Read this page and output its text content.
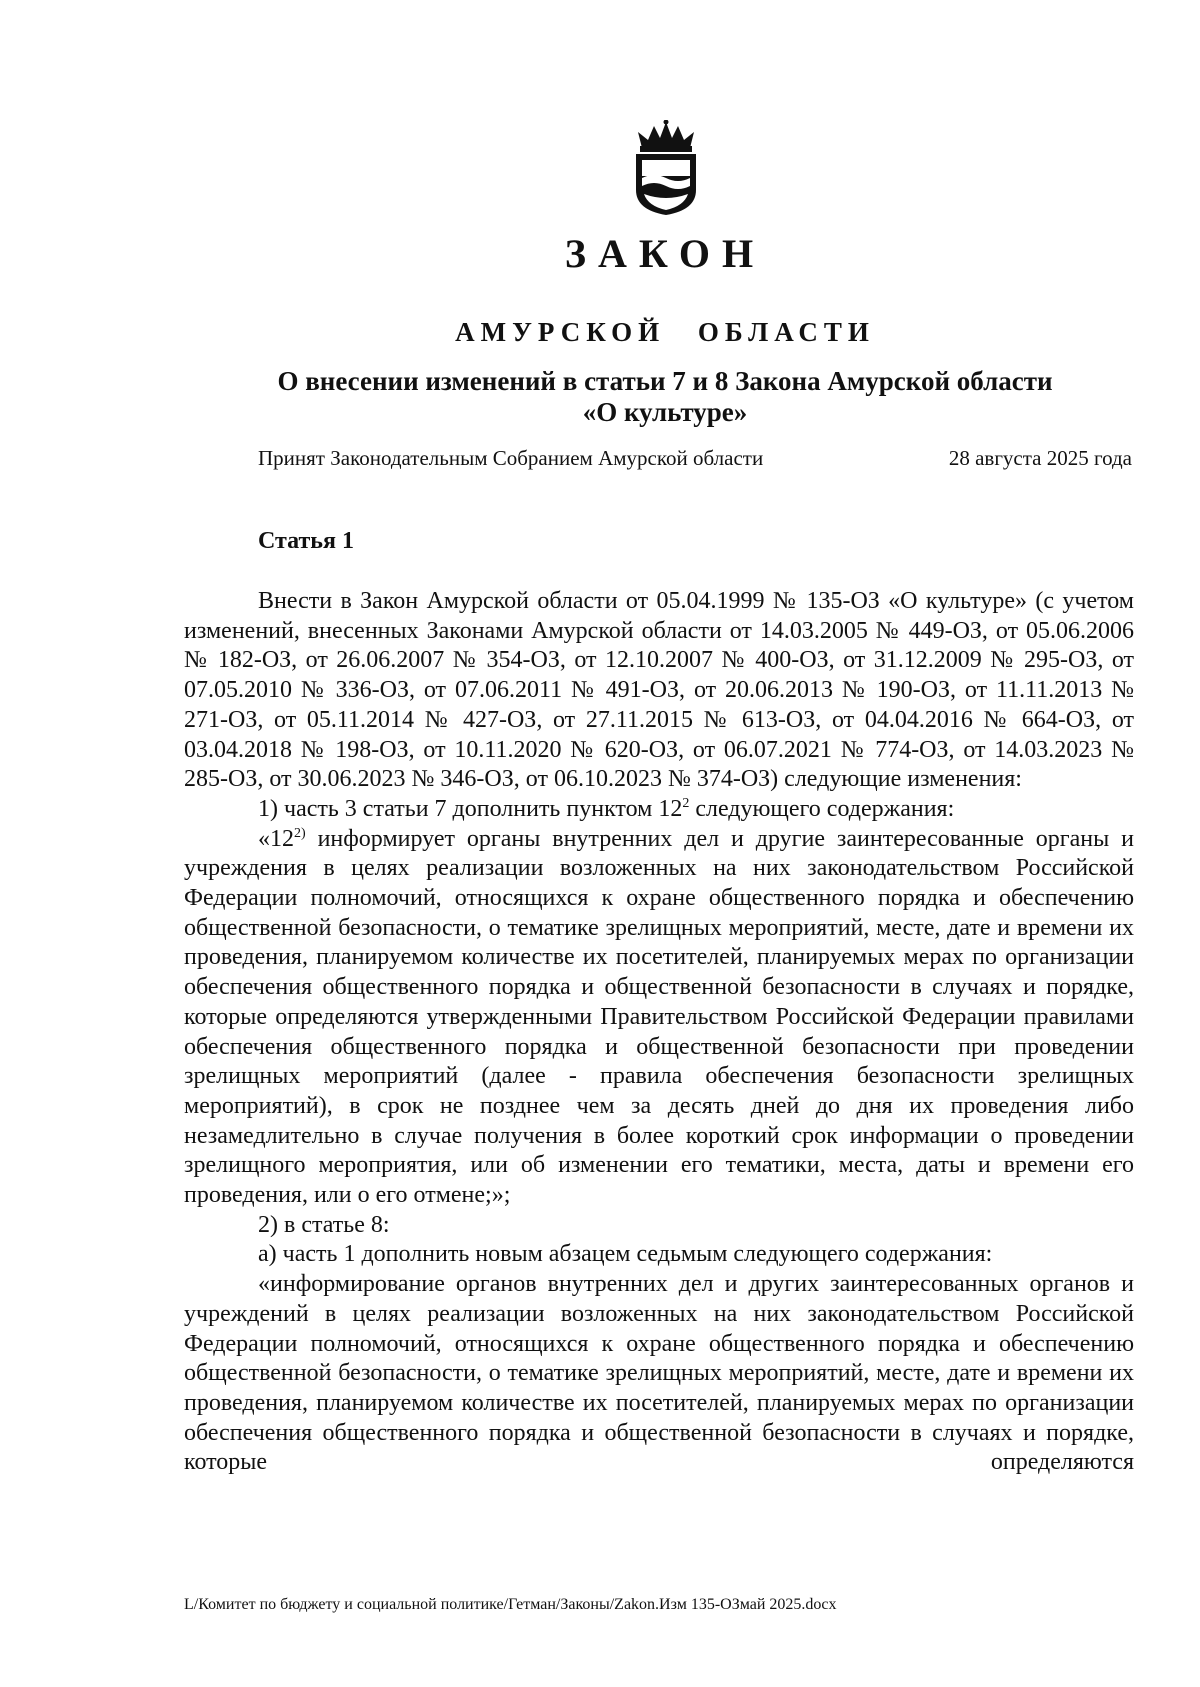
ЗАКОН
АМУРСКОЙ ОБЛАСТИ
О внесении изменений в статьи 7 и 8 Закона Амурской области
«О культуре»
Принят Законодательным Собранием Амурской области	28 августа 2025 года
Статья 1

Внести в Закон Амурской области от 05.04.1999 № 135-ОЗ «О культуре» (с учетом изменений, внесенных Законами Амурской области от 14.03.2005 № 449-ОЗ, от 05.06.2006 № 182-ОЗ, от 26.06.2007 № 354-ОЗ, от 12.10.2007 № 400-ОЗ, от 31.12.2009 № 295-ОЗ, от 07.05.2010 № 336-ОЗ, от 07.06.2011 № 491-ОЗ, от 20.06.2013 № 190-ОЗ, от 11.11.2013 № 271-ОЗ, от 05.11.2014 № 427-ОЗ, от 27.11.2015 № 613-ОЗ, от 04.04.2016 № 664-ОЗ, от 03.04.2018 № 198-ОЗ, от 10.11.2020 № 620-ОЗ, от 06.07.2021 № 774-ОЗ, от 14.03.2023 № 285-ОЗ, от 30.06.2023 № 346-ОЗ, от 06.10.2023 № 374-ОЗ) следующие изменения:

1) часть 3 статьи 7 дополнить пунктом $12^2$ следующего содержания:

«12$^{2)}$ информирует органы внутренних дел и другие заинтересованные органы и учреждения в целях реализации возложенных на них законодательством Российской Федерации полномочий, относящихся к охране общественного порядка и обеспечению общественной безопасности, о тематике зрелищных мероприятий, месте, дате и времени их проведения, планируемом количестве их посетителей, планируемых мерах по организации обеспечения общественного порядка и общественной безопасности в случаях и порядке, которые определяются утвержденными Правительством Российской Федерации правилами обеспечения общественного порядка и общественной безопасности при проведении зрелищных мероприятий (далее - правила обеспечения безопасности зрелищных мероприятий), в срок не позднее чем за десять дней до дня их проведения либо незамедлительно в случае получения в более короткий срок информации о проведении зрелищного мероприятия, или об изменении его тематики, места, даты и времени его проведения, или о его отмене;»;

2) в статье 8:

а) часть 1 дополнить новым абзацем седьмым следующего содержания:

«информирование органов внутренних дел и других заинтересованных органов и учреждений в целях реализации возложенных на них законодательством Российской Федерации полномочий, относящихся к охране общественного порядка и обеспечению общественной безопасности, о тематике зрелищных мероприятий, месте, дате и времени их проведения, планируемом количестве их посетителей, планируемых мерах по организации обеспечения общественного порядка и общественной безопасности в случаях и порядке, которые определяются

L/Комитет по бюджету и социальной политике/Гетман/Законы/Zakon.Изм 135-ОЗмай 2025.docx
